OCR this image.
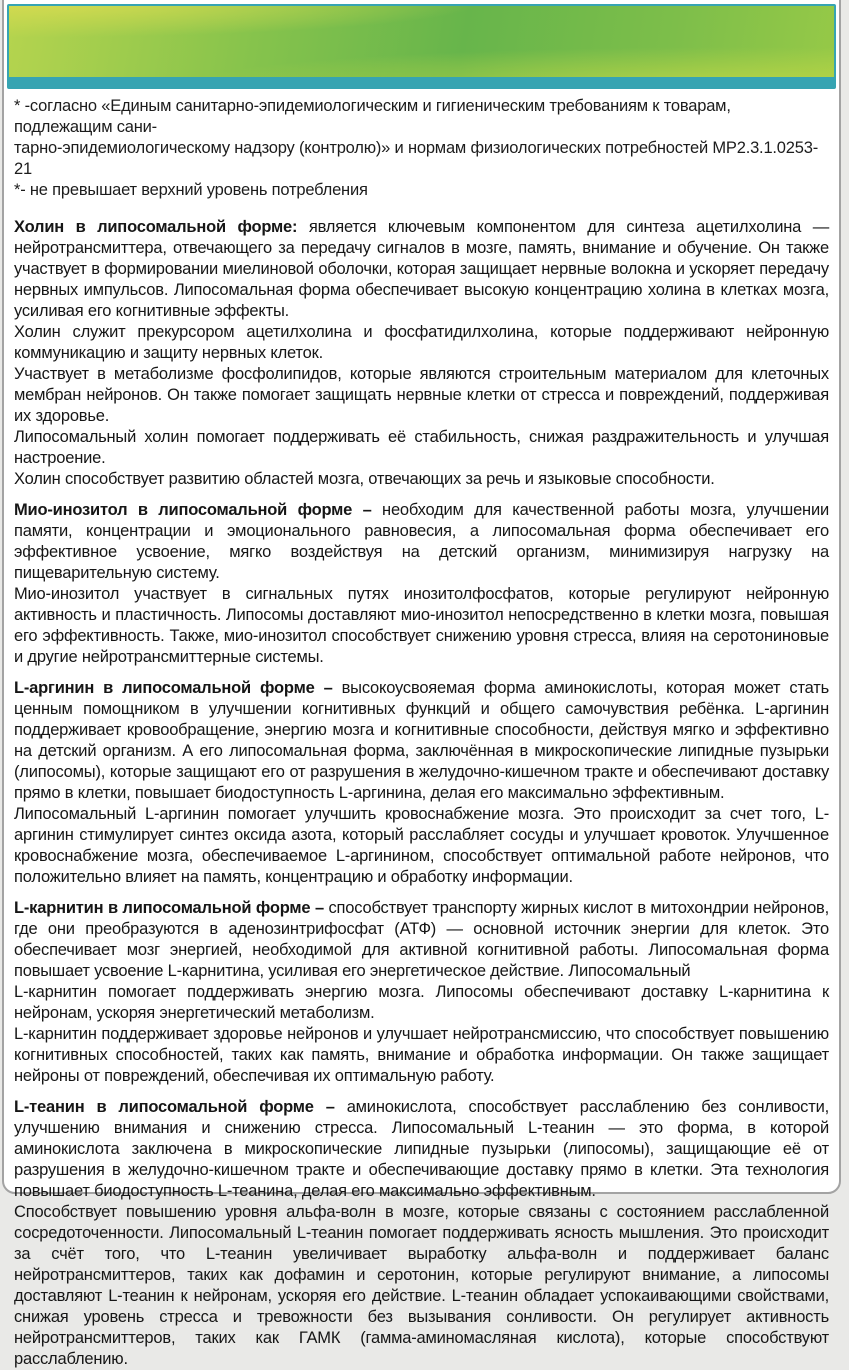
* -согласно «Единым санитарно-эпидемиологическим и гигиеническим требованиям к товарам, подлежащим сани-
тарно-эпидемиологическому надзору (контролю)» и нормам физиологических потребностей МР2.3.1.0253-21
*- не превышает верхний уровень потребления

Холин в липосомальной форме: является ключевым компонентом для синтеза ацетилхолина — нейротрансмиттера, отвечающего за передачу сигналов в мозге, память, внимание и обучение. Он также участвует в формировании миелиновой оболочки, которая защищает нервные волокна и ускоряет передачу нервных импульсов. Липосомальная форма обеспечивает высокую концентрацию холина в клетках мозга, усиливая его когнитивные эффекты.

Холин служит прекурсором ацетилхолина и фосфатидилхолина, которые поддерживают нейронную коммуникацию и защиту нервных клеток.

Участвует в метаболизме фосфолипидов, которые являются строительным материалом для клеточных мембран нейронов. Он также помогает защищать нервные клетки от стресса и повреждений, поддерживая их здоровье.

Липосомальный холин помогает поддерживать её стабильность, снижая раздражительность и улучшая настроение.

Холин способствует развитию областей мозга, отвечающих за речь и языковые способности.

Мио-инозитол в липосомальной форме – необходим для качественной работы мозга, улучшении памяти, концентрации и эмоционального равновесия, а липосомальная форма обеспечивает его эффективное усвоение, мягко воздействуя на детский организм, минимизируя нагрузку на пищеварительную систему.

Мио-инозитол участвует в сигнальных путях инозитолфосфатов, которые регулируют нейронную активность и пластичность. Липосомы доставляют мио-инозитол непосредственно в клетки мозга, повышая его эффективность. Также, мио-инозитол способствует снижению уровня стресса, влияя на серотониновые и другие нейротрансмиттерные системы.

L-аргинин в липосомальной форме – высокоусвояемая форма аминокислоты, которая может стать ценным помощником в улучшении когнитивных функций и общего самочувствия ребёнка. L-аргинин поддерживает кровообращение, энергию мозга и когнитивные способности, действуя мягко и эффективно на детский организм. А его липосомальная форма, заключённая в микроскопические липидные пузырьки (липосомы), которые защищают его от разрушения в желудочно-кишечном тракте и обеспечивают доставку прямо в клетки, повышает биодоступность L-аргинина, делая его максимально эффективным.

Липосомальный L-аргинин помогает улучшить кровоснабжение мозга. Это происходит за счет того, L-аргинин стимулирует синтез оксида азота, который расслабляет сосуды и улучшает кровоток. Улучшенное кровоснабжение мозга, обеспечиваемое L-аргинином, способствует оптимальной работе нейронов, что положительно влияет на память, концентрацию и обработку информации.

L-карнитин в липосомальной форме – способствует транспорту жирных кислот в митохондрии нейронов, где они преобразуются в аденозинтрифосфат (АТФ) — основной источник энергии для клеток. Это обеспечивает мозг энергией, необходимой для активной когнитивной работы. Липосомальная форма повышает усвоение L-карнитина, усиливая его энергетическое действие. Липосомальный

L-карнитин помогает поддерживать энергию мозга. Липосомы обеспечивают доставку L-карнитина к нейронам, ускоряя энергетический метаболизм.

L-карнитин поддерживает здоровье нейронов и улучшает нейротрансмиссию, что способствует повышению когнитивных способностей, таких как память, внимание и обработка информации. Он также защищает нейроны от повреждений, обеспечивая их оптимальную работу.

L-теанин в липосомальной форме – аминокислота, способствует расслаблению без сонливости, улучшению внимания и снижению стресса. Липосомальный L-теанин — это форма, в которой аминокислота заключена в микроскопические липидные пузырьки (липосомы), защищающие её от разрушения в желудочно-кишечном тракте и обеспечивающие доставку прямо в клетки. Эта технология повышает биодоступность L-теанина, делая его максимально эффективным.

Способствует повышению уровня альфа-волн в мозге, которые связаны с состоянием расслабленной сосредоточенности. Липосомальный L-теанин помогает поддерживать ясность мышления. Это происходит за счёт того, что L-теанин увеличивает выработку альфа-волн и поддерживает баланс нейротрансмиттеров, таких как дофамин и серотонин, которые регулируют внимание, а липосомы доставляют L-теанин к нейронам, ускоряя его действие. L-теанин обладает успокаивающими свойствами, снижая уровень стресса и тревожности без вызывания сонливости. Он регулирует активность нейротрансмиттеров, таких как ГАМК (гамма-аминомасляная кислота), которые способствуют расслаблению.
